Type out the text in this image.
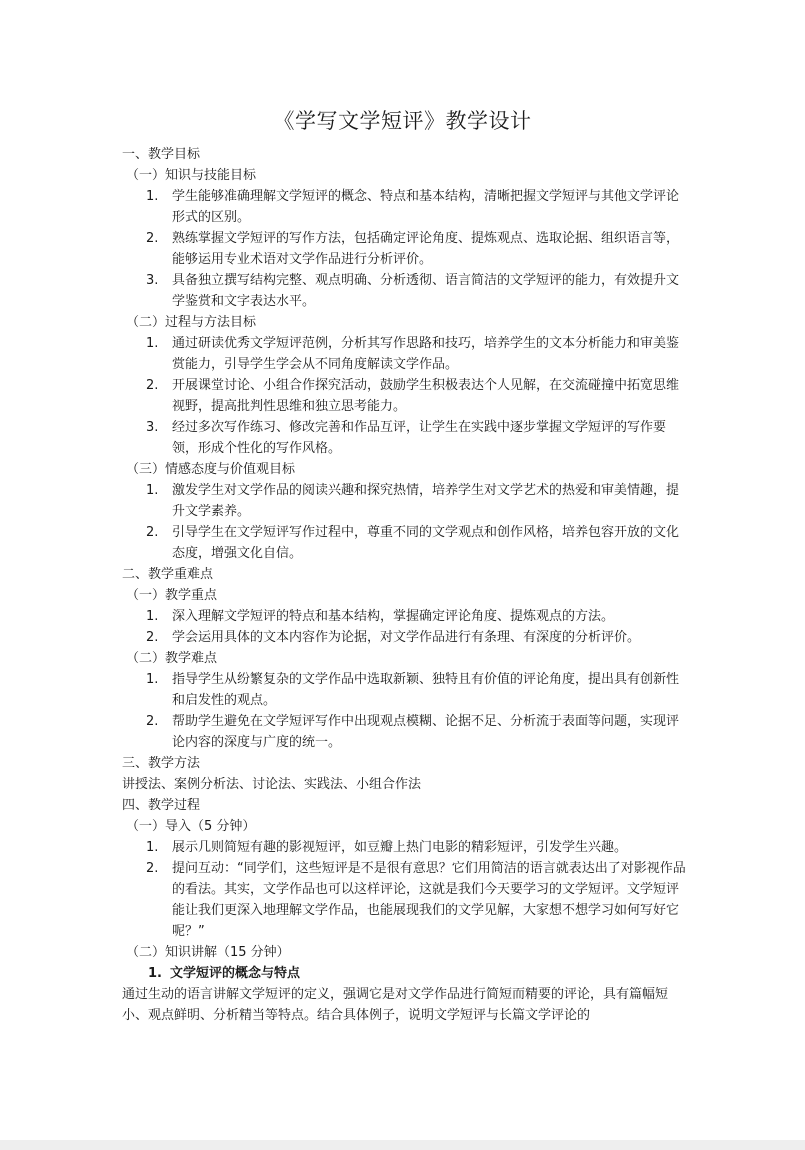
《学写文学短评》教学设计

一、教学目标

（一）知识与技能目标

1. 学生能够准确理解文学短评的概念、特点和基本结构，清晰把握文学短评与其他文学评论形式的区别。
2. 熟练掌握文学短评的写作方法，包括确定评论角度、提炼观点、选取论据、组织语言等，能够运用专业术语对文学作品进行分析评价。
3. 具备独立撰写结构完整、观点明确、分析透彻、语言简洁的文学短评的能力，有效提升文学鉴赏和文字表达水平。

（二）过程与方法目标

1. 通过研读优秀文学短评范例，分析其写作思路和技巧，培养学生的文本分析能力和审美鉴赏能力，引导学生学会从不同角度解读文学作品。
2. 开展课堂讨论、小组合作探究活动，鼓励学生积极表达个人见解，在交流碰撞中拓宽思维视野，提高批判性思维和独立思考能力。
3. 经过多次写作练习、修改完善和作品互评，让学生在实践中逐步掌握文学短评的写作要领，形成个性化的写作风格。

（三）情感态度与价值观目标

1. 激发学生对文学作品的阅读兴趣和探究热情，培养学生对文学艺术的热爱和审美情趣，提升文学素养。
2. 引导学生在文学短评写作过程中，尊重不同的文学观点和创作风格，培养包容开放的文化态度，增强文化自信。

二、教学重难点

（一）教学重点

1. 深入理解文学短评的特点和基本结构，掌握确定评论角度、提炼观点的方法。
2. 学会运用具体的文本内容作为论据，对文学作品进行有条理、有深度的分析评价。

（二）教学难点

1. 指导学生从纷繁复杂的文学作品中选取新颖、独特且有价值的评论角度，提出具有创新性和启发性的观点。
2. 帮助学生避免在文学短评写作中出现观点模糊、论据不足、分析流于表面等问题，实现评论内容的深度与广度的统一。

三、教学方法

讲授法、案例分析法、讨论法、实践法、小组合作法

四、教学过程

（一）导入（5 分钟）

1. 展示几则简短有趣的影视短评，如豆瓣上热门电影的精彩短评，引发学生兴趣。
2. 提问互动：“同学们，这些短评是不是很有意思？它们用简洁的语言就表达出了对影视作品的看法。其实，文学作品也可以这样评论，这就是我们今天要学习的文学短评。文学短评能让我们更深入地理解文学作品，也能展现我们的文学见解，大家想不想学习如何写好它呢？”

（二）知识讲解（15 分钟）

1. 文学短评的概念与特点

通过生动的语言讲解文学短评的定义，强调它是对文学作品进行简短而精要的评论，具有篇幅短小、观点鲜明、分析精当等特点。结合具体例子，说明文学短评与长篇文学评论的
